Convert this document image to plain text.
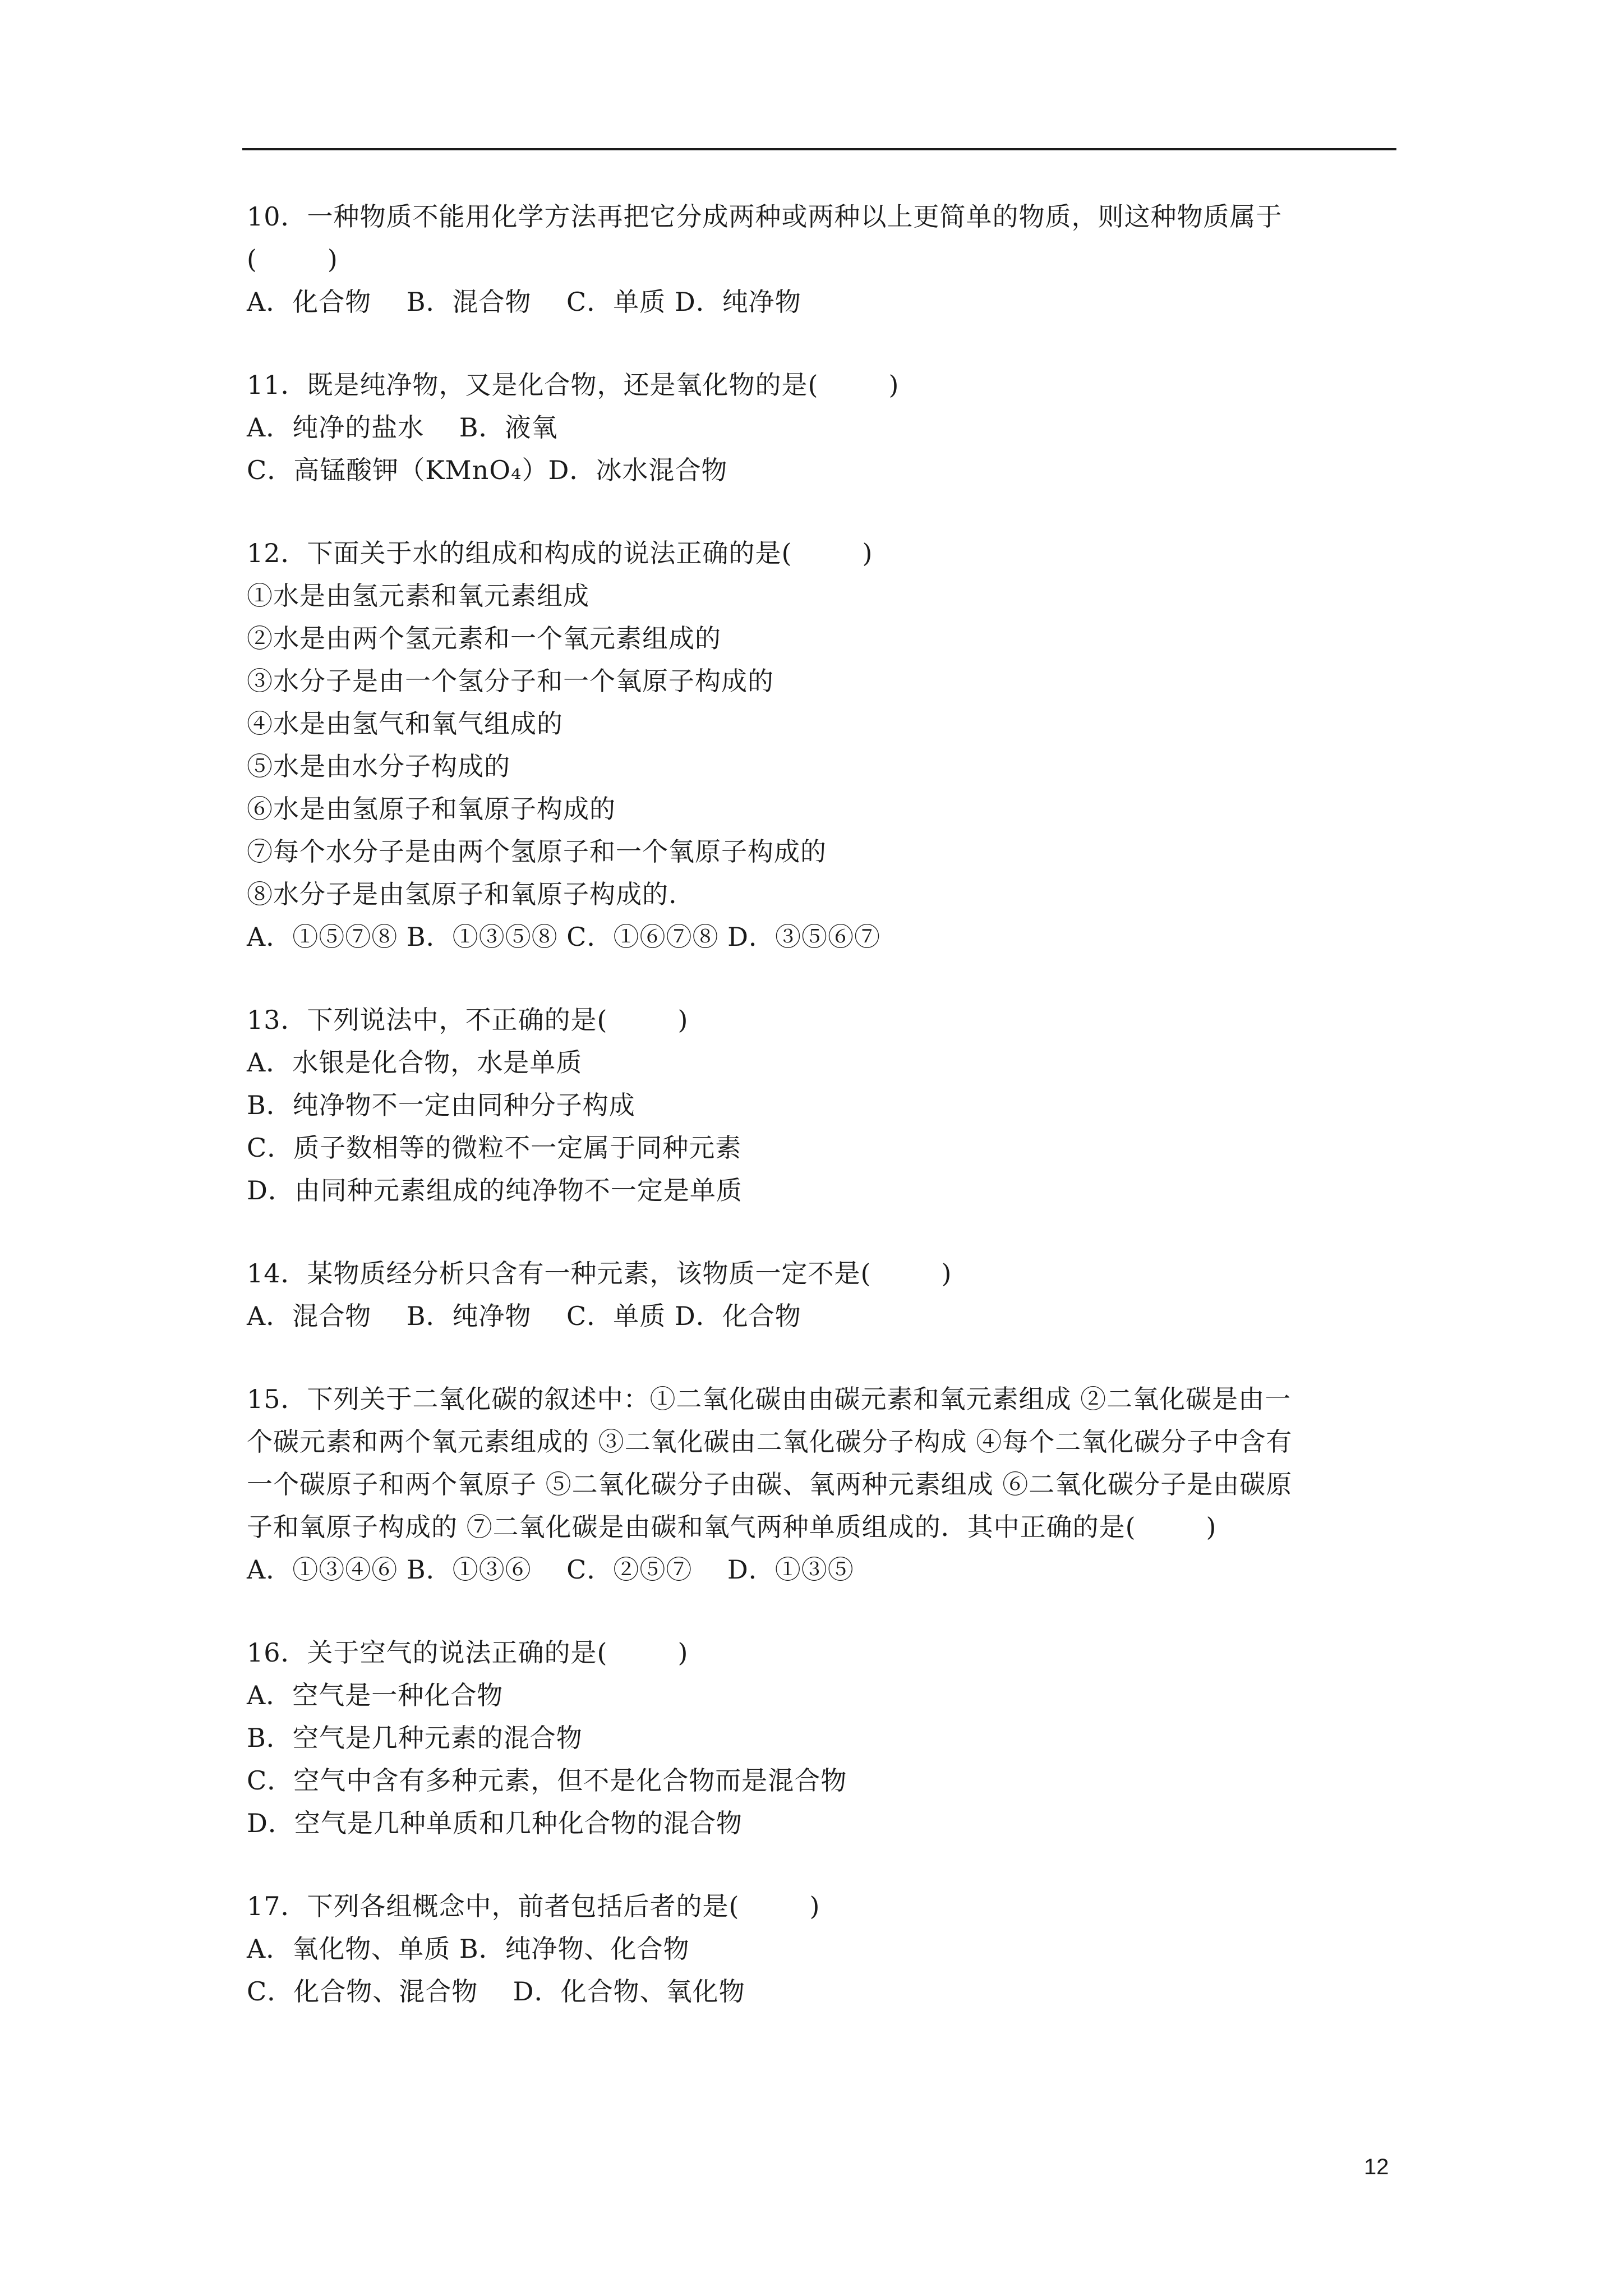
10．一种物质不能用化学方法再把它分成两种或两种以上更简单的物质，则这种物质属于
(        )
A．化合物    B．混合物    C．单质 D．纯净物
11．既是纯净物，又是化合物，还是氧化物的是(        )
A．纯净的盐水    B．液氧
C．高锰酸钾（KMnO₄）D．冰水混合物
12．下面关于水的组成和构成的说法正确的是(        )
①水是由氢元素和氧元素组成
②水是由两个氢元素和一个氧元素组成的
③水分子是由一个氢分子和一个氧原子构成的
④水是由氢气和氧气组成的
⑤水是由水分子构成的
⑥水是由氢原子和氧原子构成的
⑦每个水分子是由两个氢原子和一个氧原子构成的
⑧水分子是由氢原子和氧原子构成的.
A．①⑤⑦⑧ B．①③⑤⑧ C．①⑥⑦⑧ D．③⑤⑥⑦
13．下列说法中，不正确的是(        )
A．水银是化合物，水是单质
B．纯净物不一定由同种分子构成
C．质子数相等的微粒不一定属于同种元素
D．由同种元素组成的纯净物不一定是单质
14．某物质经分析只含有一种元素，该物质一定不是(        )
A．混合物    B．纯净物    C．单质 D．化合物
15．下列关于二氧化碳的叙述中：①二氧化碳由由碳元素和氧元素组成 ②二氧化碳是由一
个碳元素和两个氧元素组成的 ③二氧化碳由二氧化碳分子构成 ④每个二氧化碳分子中含有
一个碳原子和两个氧原子 ⑤二氧化碳分子由碳、氧两种元素组成 ⑥二氧化碳分子是由碳原
子和氧原子构成的 ⑦二氧化碳是由碳和氧气两种单质组成的．其中正确的是(        )
A．①③④⑥ B．①③⑥    C．②⑤⑦    D．①③⑤
16．关于空气的说法正确的是(        )
A．空气是一种化合物
B．空气是几种元素的混合物
C．空气中含有多种元素，但不是化合物而是混合物
D．空气是几种单质和几种化合物的混合物
17．下列各组概念中，前者包括后者的是(        )
A．氧化物、单质 B．纯净物、化合物
C．化合物、混合物    D．化合物、氧化物
12
